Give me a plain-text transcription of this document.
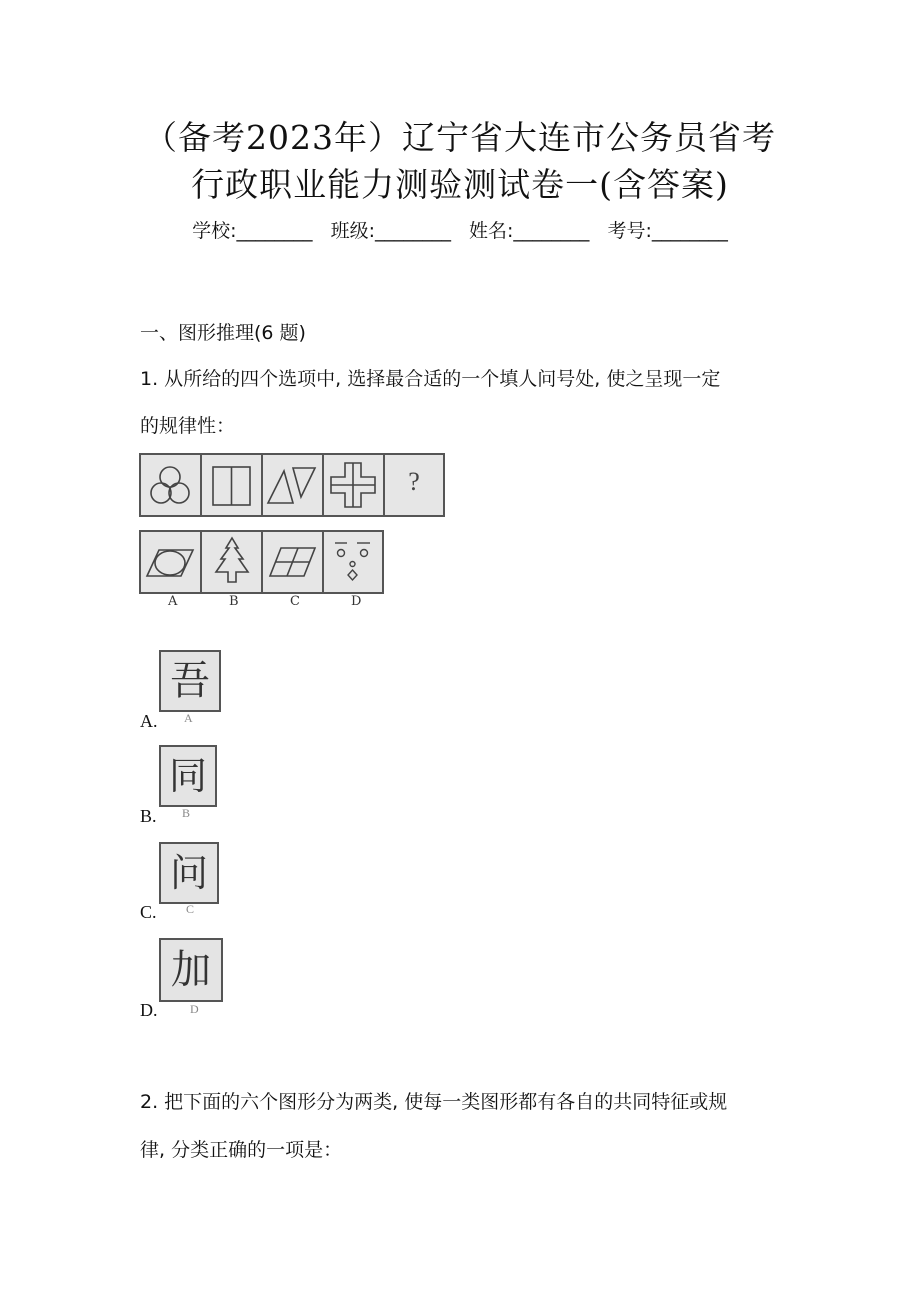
（备考2023年）辽宁省大连市公务员省考
行政职业能力测验测试卷一(含答案)
学校:________ 班级:________ 姓名:________ 考号:________
一、图形推理(6 题)
1. 从所给的四个选项中, 选择最合适的一个填人问号处, 使之呈现一定
的规律性：
?
A	B	C	D
A.
吾
A
B.
同
B
C.
问
C
D.
加
D
2. 把下面的六个图形分为两类, 使每一类图形都有各自的共同特征或规
律, 分类正确的一项是：
